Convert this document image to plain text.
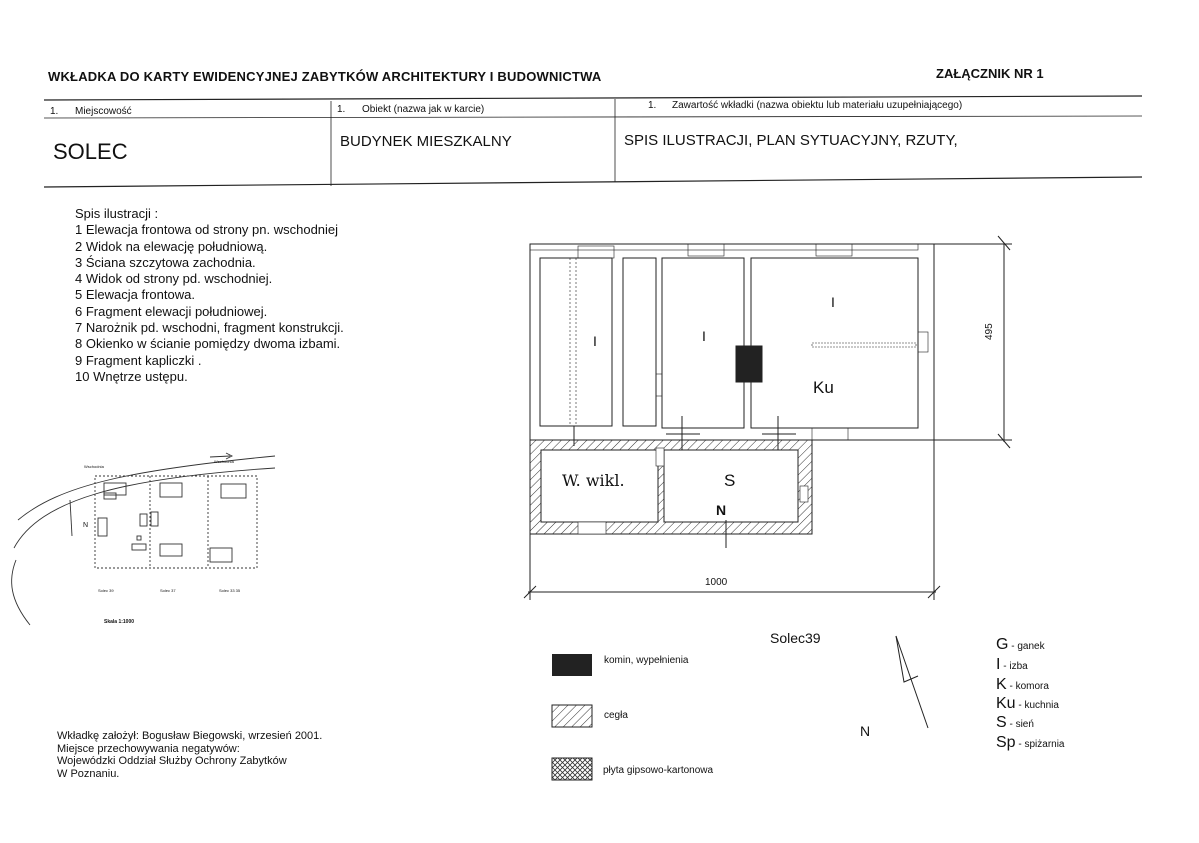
WKŁADKA DO KARTY EWIDENCYJNEJ ZABYTKÓW ARCHITEKTURY I BUDOWNICTWA	ZAŁĄCZNIK NR 1
1. Miejscowość
SOLEC
1. Obiekt (nazwa jak w karcie)
BUDYNEK MIESZKALNY
1. Zawartość wkładki (nazwa obiektu lub materiału uzupełniającego)
SPIS ILUSTRACJI, PLAN SYTUACYJNY, RZUTY,
Spis ilustracji :
1 Elewacja frontowa od strony pn. wschodniej
2 Widok na elewację południową.
3 Ściana szczytowa zachodnia.
4 Widok od strony pd. wschodniej.
5 Elewacja frontowa.
6 Fragment elewacji południowej.
7 Narożnik pd. wschodni, fragment konstrukcji.
8 Okienko w ścianie pomiędzy dwoma izbami.
9 Fragment kapliczki .
10 Wnętrze ustępu.
Wschodnia
Wschodnia
N
Solec 39	Solec 37	Solec 33 35
Skala 1:1000
I	I
I
Ku
W. wikl.	S
N
1000
495
Solec39
N
komin, wypełnienia
cegła
płyta gipsowo-kartonowa
G - ganek
I - izba
K - komora
Ku - kuchnia
S - sień
Sp - spiżarnia
Wkładkę założył: Bogusław Biegowski, wrzesień 2001.
Miejsce przechowywania negatywów:
Wojewódzki Oddział Służby Ochrony Zabytków
W Poznaniu.
